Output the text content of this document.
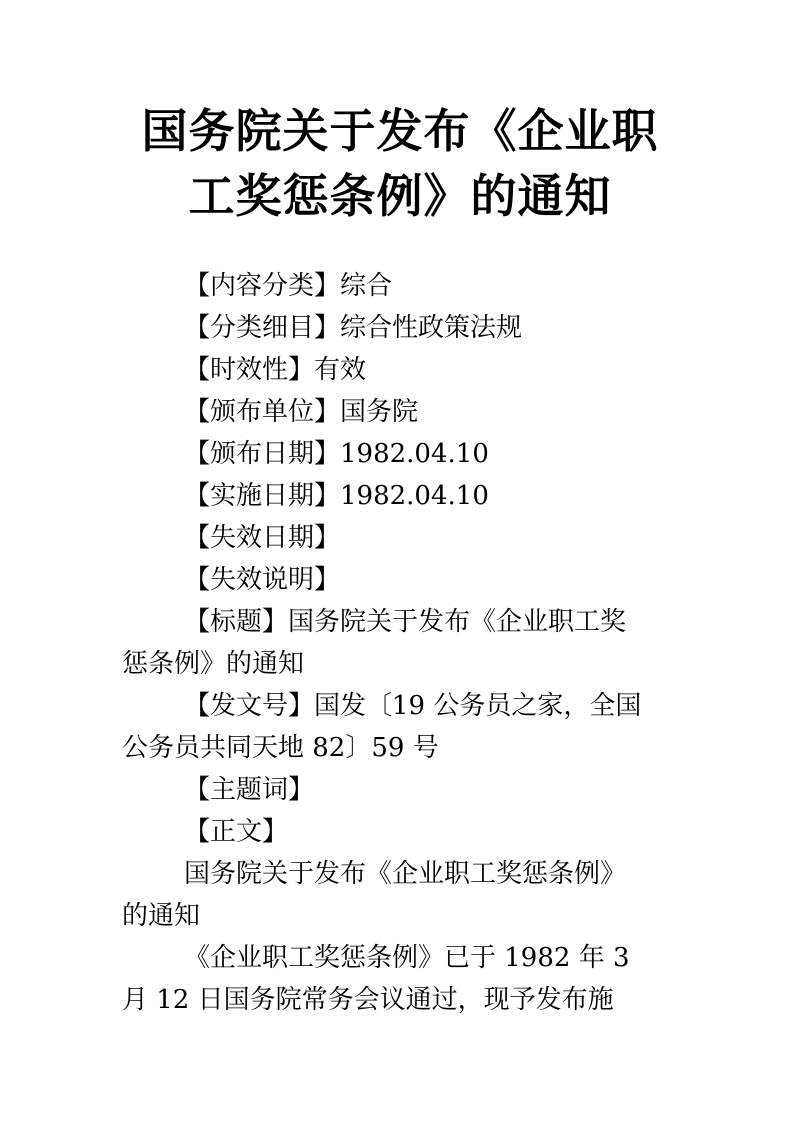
国务院关于发布《企业职
工奖惩条例》的通知
【内容分类】综合
【分类细目】综合性政策法规
【时效性】有效
【颁布单位】国务院
【颁布日期】1982.04.10
【实施日期】1982.04.10
【失效日期】
【失效说明】
【标题】国务院关于发布《企业职工奖
惩条例》的通知
【发文号】国发〔19 公务员之家，全国
公务员共同天地 82〕59 号
【主题词】
【正文】
国务院关于发布《企业职工奖惩条例》
的通知
《企业职工奖惩条例》已于 1982 年 3
月 12 日国务院常务会议通过，现予发布施
